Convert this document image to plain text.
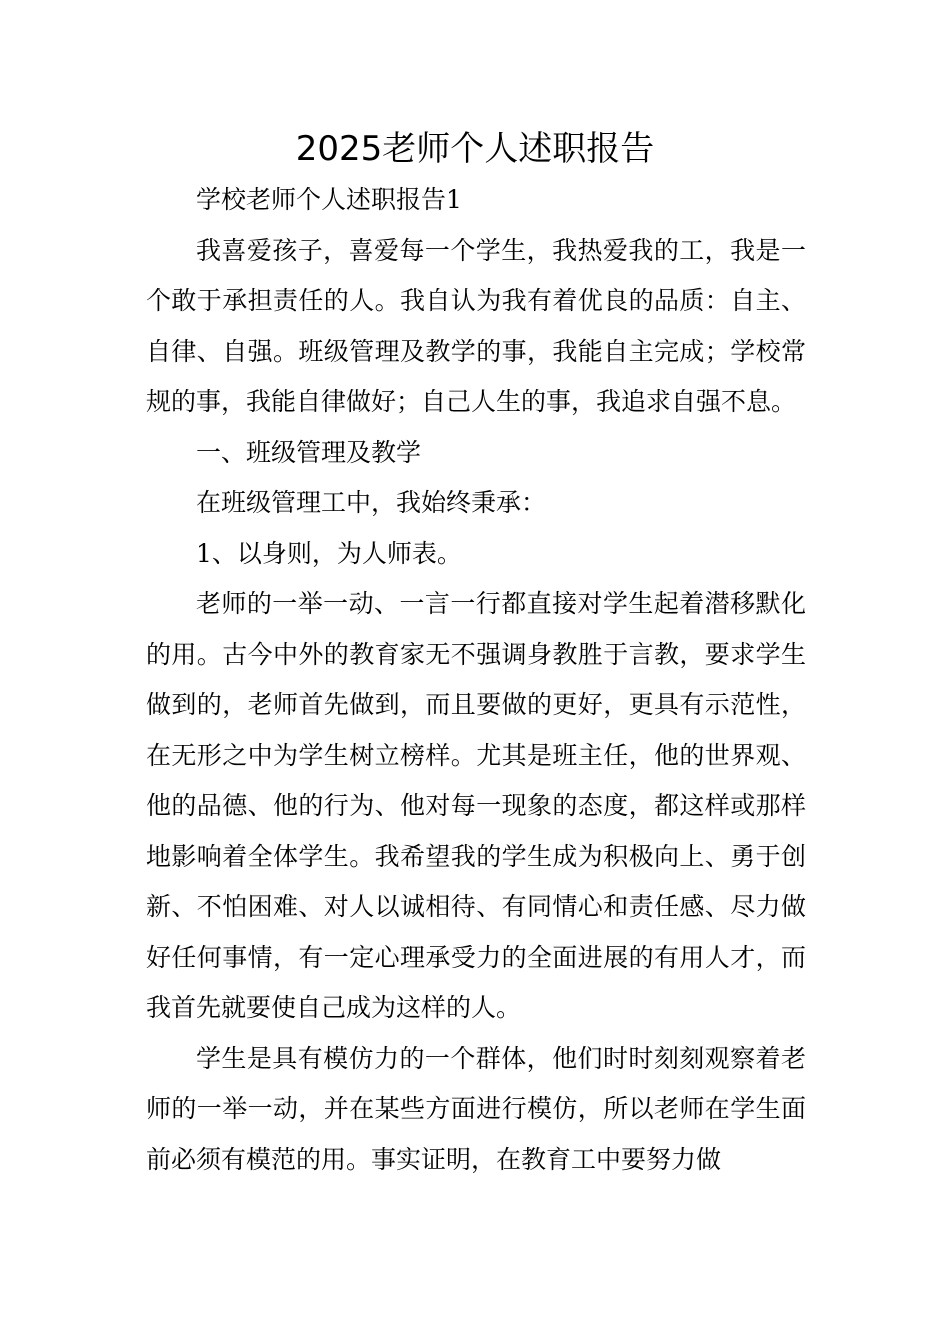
2025老师个人述职报告

学校老师个人述职报告1

我喜爱孩子，喜爱每一个学生，我热爱我的工，我是一个敢于承担责任的人。我自认为我有着优良的品质：自主、自律、自强。班级管理及教学的事，我能自主完成；学校常规的事，我能自律做好；自己人生的事，我追求自强不息。

一、班级管理及教学

在班级管理工中，我始终秉承：

1、以身则，为人师表。

老师的一举一动、一言一行都直接对学生起着潜移默化的用。古今中外的教育家无不强调身教胜于言教，要求学生做到的，老师首先做到，而且要做的更好，更具有示范性，在无形之中为学生树立榜样。尤其是班主任，他的世界观、他的品德、他的行为、他对每一现象的态度，都这样或那样地影响着全体学生。我希望我的学生成为积极向上、勇于创新、不怕困难、对人以诚相待、有同情心和责任感、尽力做好任何事情，有一定心理承受力的全面进展的有用人才，而我首先就要使自己成为这样的人。

学生是具有模仿力的一个群体，他们时时刻刻观察着老师的一举一动，并在某些方面进行模仿，所以老师在学生面前必须有模范的用。事实证明，在教育工中要努力做
